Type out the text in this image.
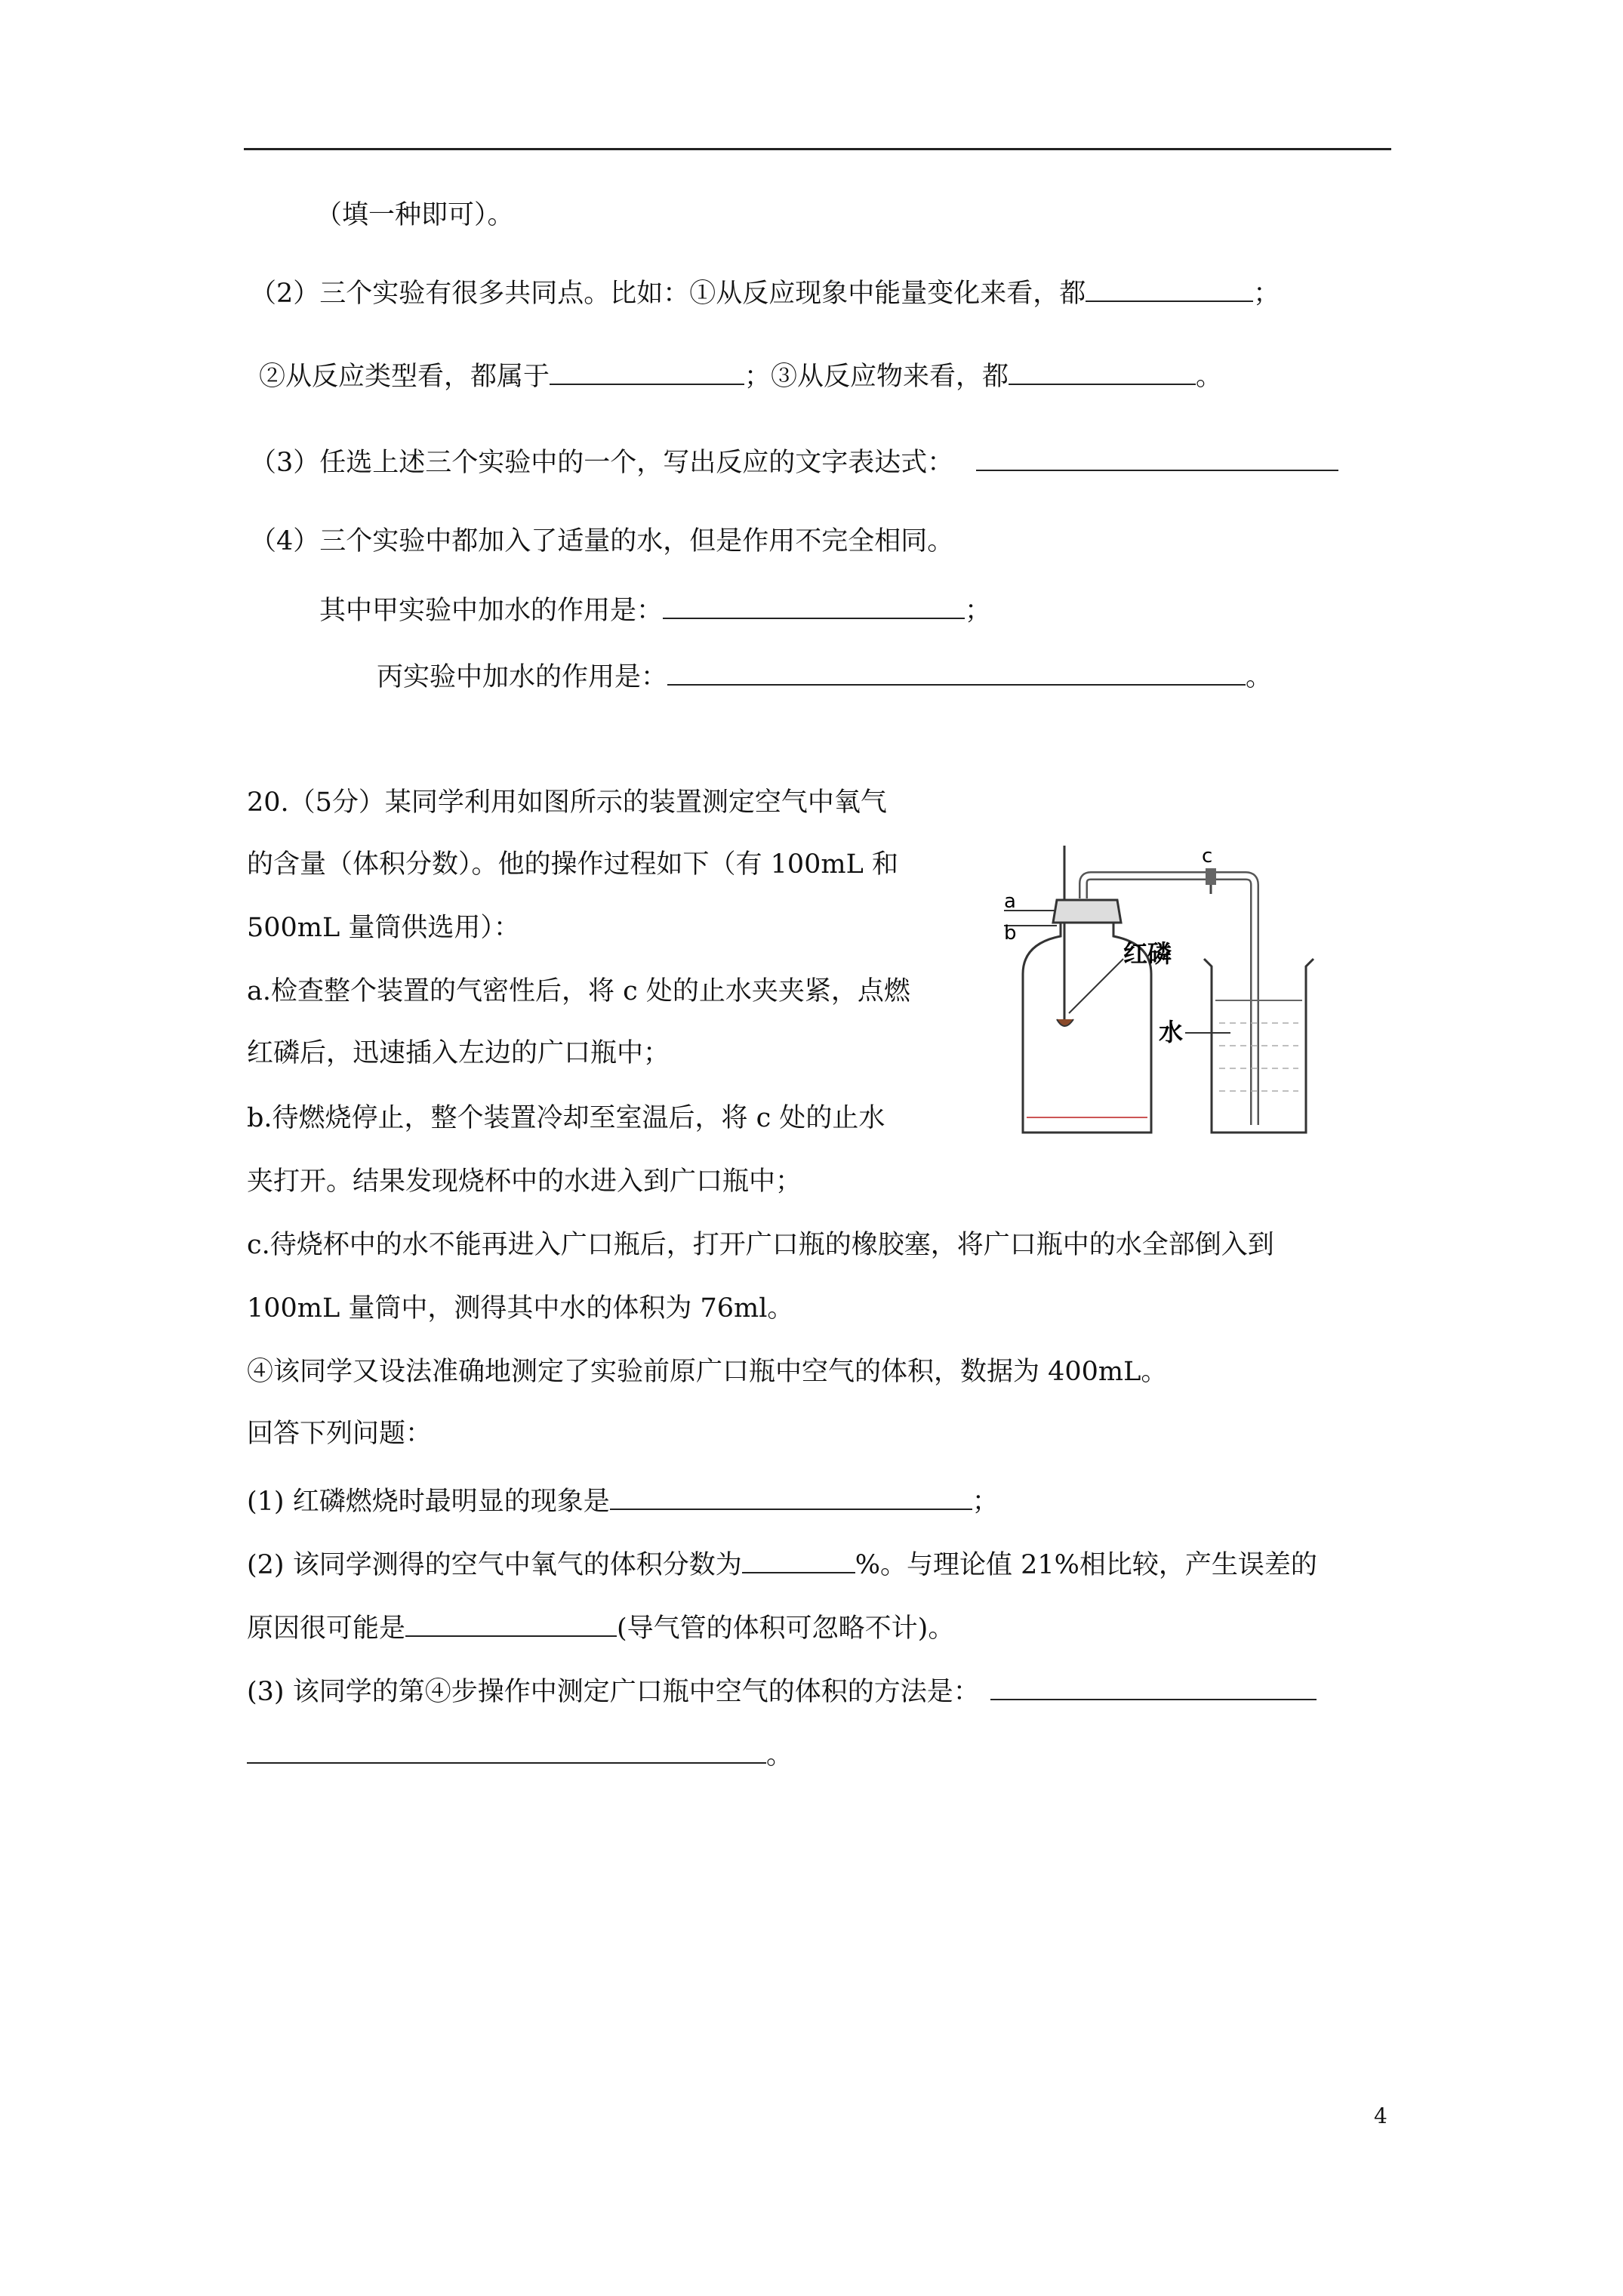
（填一种即可）。
（2）三个实验有很多共同点。比如：①从反应现象中能量变化来看，都	；
②从反应类型看，都属于	；③从反应物来看，都	。
（3）任选上述三个实验中的一个，写出反应的文字表达式：
（4）三个实验中都加入了适量的水，但是作用不完全相同。
其中甲实验中加水的作用是：	；
丙实验中加水的作用是：	。
20.（5分）某同学利用如图所示的装置测定空气中氧气
的含量（体积分数）。他的操作过程如下（有 100mL 和
500mL 量筒供选用）：
a.检查整个装置的气密性后，将 c 处的止水夹夹紧，点燃
红磷后，迅速插入左边的广口瓶中；
b.待燃烧停止，整个装置冷却至室温后，将 c 处的止水
夹打开。结果发现烧杯中的水进入到广口瓶中；
c.待烧杯中的水不能再进入广口瓶后，打开广口瓶的橡胶塞，将广口瓶中的水全部倒入到
100mL 量筒中，测得其中水的体积为 76ml。
④该同学又设法准确地测定了实验前原广口瓶中空气的体积，数据为 400mL。
回答下列问题：
(1) 红磷燃烧时最明显的现象是	；
(2) 该同学测得的空气中氧气的体积分数为	%。与理论值 21%相比较，产生误差的
原因很可能是	(导气管的体积可忽略不计)。
(3) 该同学的第④步操作中测定广口瓶中空气的体积的方法是：
。
a
b
c
红磷
水
4
